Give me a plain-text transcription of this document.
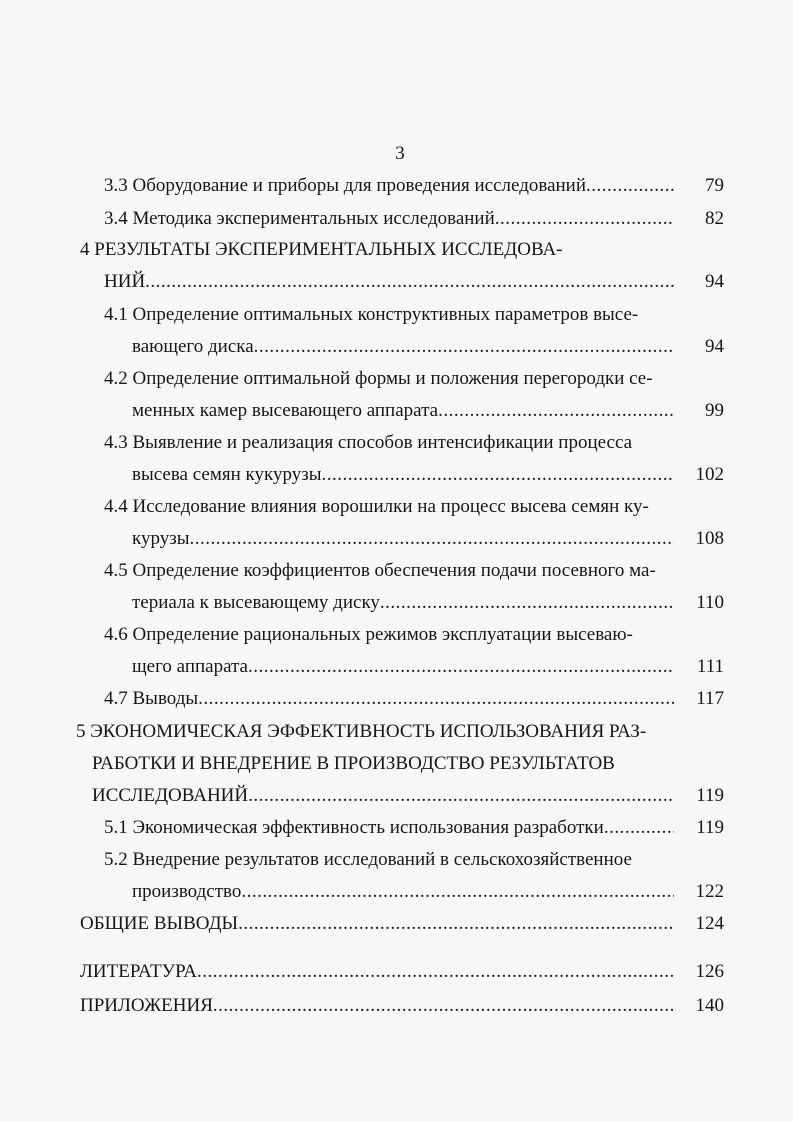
3
3.3 Оборудование и приборы для проведения исследований .....	79
3.4 Методика экспериментальных исследований .....	82
4 РЕЗУЛЬТАТЫ ЭКСПЕРИМЕНТАЛЬНЫХ ИССЛЕДОВА-
НИЙ .....	94
4.1 Определение оптимальных конструктивных параметров высе-
вающего диска .....	94
4.2 Определение оптимальной формы и положения перегородки се-
менных камер высевающего аппарата .....	99
4.3 Выявление и реализация способов интенсификации процесса
высева семян кукурузы .....	102
4.4 Исследование влияния ворошилки на процесс высева семян ку-
курузы .....	108
4.5 Определение коэффициентов обеспечения подачи посевного ма-
териала к высевающему диску .....	110
4.6 Определение рациональных режимов эксплуатации высеваю-
щего аппарата .....	111
4.7 Выводы .....	117
5 ЭКОНОМИЧЕСКАЯ ЭФФЕКТИВНОСТЬ ИСПОЛЬЗОВАНИЯ РАЗ-
РАБОТКИ И ВНЕДРЕНИЕ В ПРОИЗВОДСТВО РЕЗУЛЬТАТОВ
ИССЛЕДОВАНИЙ .....	119
5.1 Экономическая эффективность использования разработки .....	119
5.2 Внедрение результатов исследований в сельскохозяйственное
производство .....	122
ОБЩИЕ ВЫВОДЫ .....	124
ЛИТЕРАТУРА .....	126
ПРИЛОЖЕНИЯ .....	140
